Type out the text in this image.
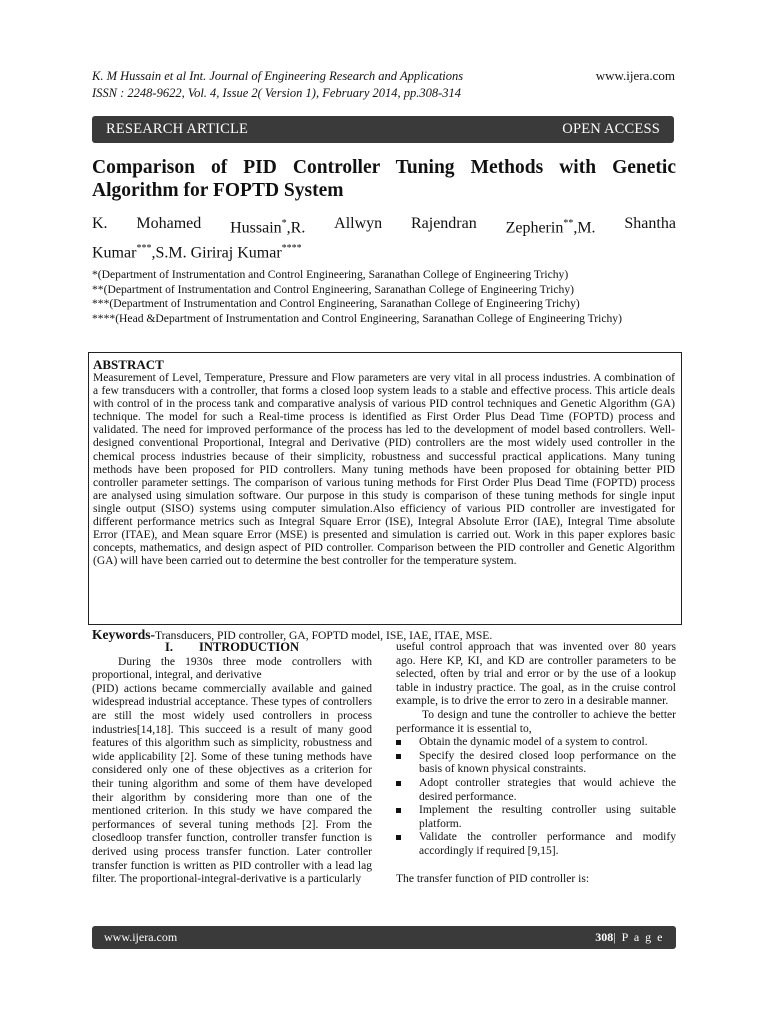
K. M Hussain et al Int. Journal of Engineering Research and Applications
ISSN : 2248-9622, Vol. 4, Issue 2( Version 1), February 2014, pp.308-314
www.ijera.com
RESEARCH ARTICLE	OPEN ACCESS
Comparison of PID Controller Tuning Methods with Genetic Algorithm for FOPTD System
K. Mohamed Hussain*,R. Allwyn Rajendran Zepherin**,M. Shantha
Kumar***,S.M. Giriraj Kumar****
*(Department of Instrumentation and Control Engineering, Saranathan College of Engineering Trichy)
**(Department of Instrumentation and Control Engineering, Saranathan College of Engineering Trichy)
***(Department of Instrumentation and Control Engineering, Saranathan College of Engineering Trichy)
****(Head &Department of Instrumentation and Control Engineering, Saranathan College of Engineering Trichy)
ABSTRACT
Measurement of Level, Temperature, Pressure and Flow parameters are very vital in all process industries. A combination of a few transducers with a controller, that forms a closed loop system leads to a stable and effective process. This article deals with control of in the process tank and comparative analysis of various PID control techniques and Genetic Algorithm (GA) technique. The model for such a Real-time process is identified as First Order Plus Dead Time (FOPTD) process and validated. The need for improved performance of the process has led to the development of model based controllers. Well-designed conventional Proportional, Integral and Derivative (PID) controllers are the most widely used controller in the chemical process industries because of their simplicity, robustness and successful practical applications. Many tuning methods have been proposed for PID controllers. Many tuning methods have been proposed for obtaining better PID controller parameter settings. The comparison of various tuning methods for First Order Plus Dead Time (FOPTD) process are analysed using simulation software. Our purpose in this study is comparison of these tuning methods for single input single output (SISO) systems using computer simulation.Also efficiency of various PID controller are investigated for different performance metrics such as Integral Square Error (ISE), Integral Absolute Error (IAE), Integral Time absolute Error (ITAE), and Mean square Error (MSE) is presented and simulation is carried out. Work in this paper explores basic concepts, mathematics, and design aspect of PID controller. Comparison between the PID controller and Genetic Algorithm (GA) will have been carried out to determine the best controller for the temperature system.
Keywords-Transducers, PID controller, GA, FOPTD model, ISE, IAE, ITAE, MSE.
I. INTRODUCTION
During the 1930s three mode controllers with proportional, integral, and derivative
(PID) actions became commercially available and gained widespread industrial acceptance. These types of controllers are still the most widely used controllers in process industries[14,18]. This succeed is a result of many good features of this algorithm such as simplicity, robustness and wide applicability [2]. Some of these tuning methods have considered only one of these objectives as a criterion for their tuning algorithm and some of them have developed their algorithm by considering more than one of the mentioned criterion. In this study we have compared the performances of several tuning methods [2]. From the closedloop transfer function, controller transfer function is derived using process transfer function. Later controller transfer function is written as PID controller with a lead lag filter. The proportional-integral-derivative is a particularly
useful control approach that was invented over 80 years ago. Here KP, KI, and KD are controller parameters to be selected, often by trial and error or by the use of a lookup table in industry practice. The goal, as in the cruise control example, is to drive the error to zero in a desirable manner.
To design and tune the controller to achieve the better performance it is essential to,
Obtain the dynamic model of a system to control.
Specify the desired closed loop performance on the basis of known physical constraints.
Adopt controller strategies that would achieve the desired performance.
Implement the resulting controller using suitable platform.
Validate the controller performance and modify accordingly if required [9,15].
The transfer function of PID controller is:
www.ijera.com	308| P a g e
